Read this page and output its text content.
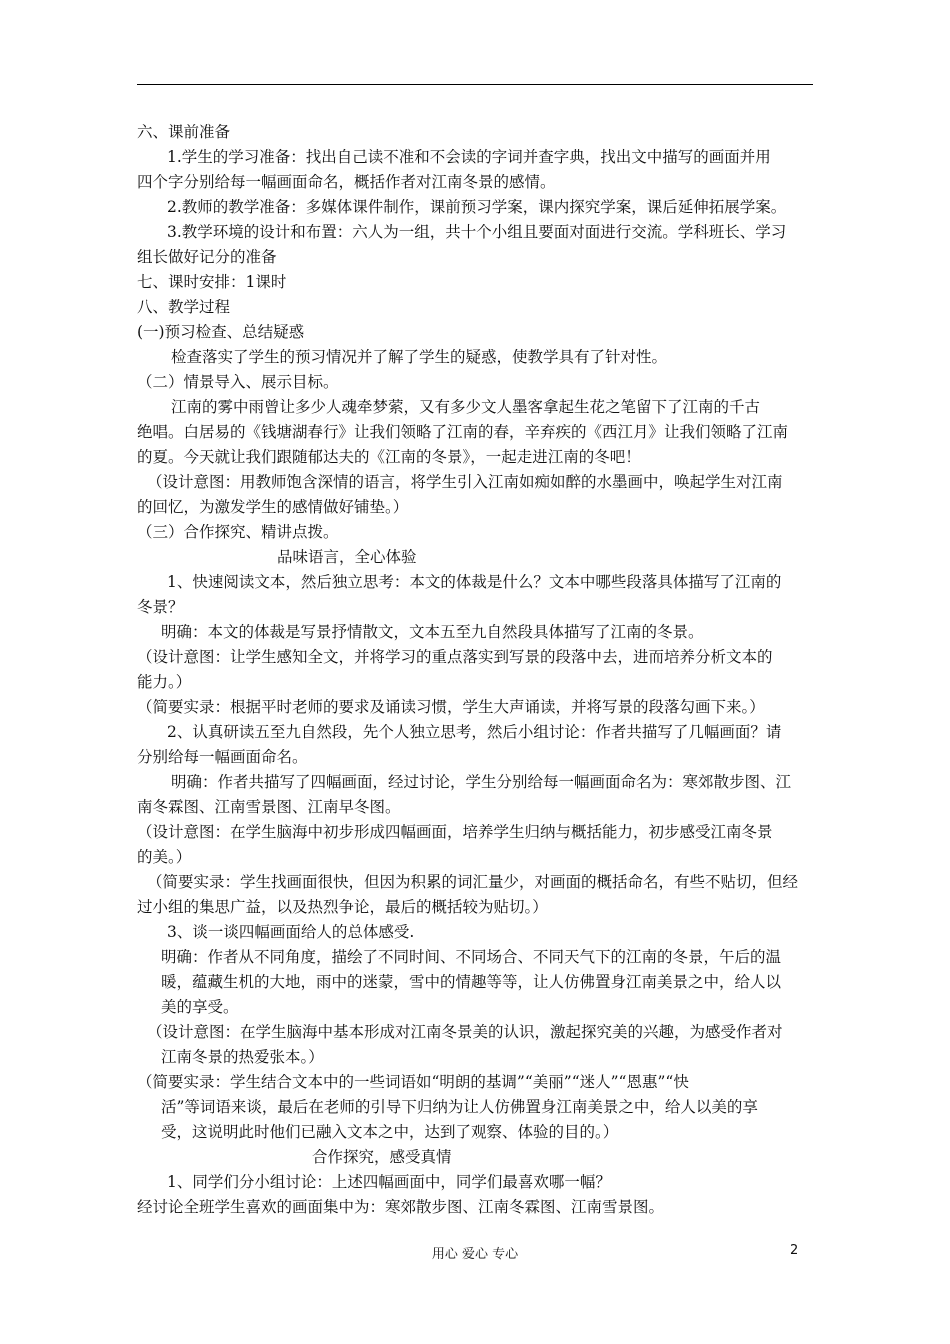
六、课前准备
1.学生的学习准备：找出自己读不准和不会读的字词并查字典，找出文中描写的画面并用
四个字分别给每一幅画面命名，概括作者对江南冬景的感情。
2.教师的教学准备：多媒体课件制作，课前预习学案，课内探究学案，课后延伸拓展学案。
3.教学环境的设计和布置：六人为一组，共十个小组且要面对面进行交流。学科班长、学习
组长做好记分的准备
七、课时安排：1课时
八、教学过程
(一)预习检查、总结疑惑
检查落实了学生的预习情况并了解了学生的疑惑，使教学具有了针对性。
（二）情景导入、展示目标。
江南的雾中雨曾让多少人魂牵梦萦，又有多少文人墨客拿起生花之笔留下了江南的千古
绝唱。白居易的《钱塘湖春行》让我们领略了江南的春，辛弃疾的《西江月》让我们领略了江南
的夏。今天就让我们跟随郁达夫的《江南的冬景》，一起走进江南的冬吧！
（设计意图：用教师饱含深情的语言，将学生引入江南如痴如醉的水墨画中，唤起学生对江南
的回忆，为激发学生的感情做好铺垫。）
（三）合作探究、精讲点拨。
品味语言，全心体验
1、快速阅读文本，然后独立思考：本文的体裁是什么？文本中哪些段落具体描写了江南的
冬景？
明确：本文的体裁是写景抒情散文，文本五至九自然段具体描写了江南的冬景。
（设计意图：让学生感知全文，并将学习的重点落实到写景的段落中去，进而培养分析文本的
能力。）
（简要实录：根据平时老师的要求及诵读习惯，学生大声诵读，并将写景的段落勾画下来。）
2、认真研读五至九自然段，先个人独立思考，然后小组讨论：作者共描写了几幅画面？请
分别给每一幅画面命名。
明确：作者共描写了四幅画面，经过讨论，学生分别给每一幅画面命名为：寒郊散步图、江
南冬霖图、江南雪景图、江南早冬图。
（设计意图：在学生脑海中初步形成四幅画面，培养学生归纳与概括能力，初步感受江南冬景
的美。）
（简要实录：学生找画面很快，但因为积累的词汇量少，对画面的概括命名，有些不贴切，但经
过小组的集思广益，以及热烈争论，最后的概括较为贴切。）
3、谈一谈四幅画面给人的总体感受.
明确：作者从不同角度，描绘了不同时间、不同场合、不同天气下的江南的冬景，午后的温
暖，蕴藏生机的大地，雨中的迷蒙，雪中的情趣等等，让人仿佛置身江南美景之中，给人以
美的享受。
（设计意图：在学生脑海中基本形成对江南冬景美的认识，激起探究美的兴趣，为感受作者对
江南冬景的热爱张本。）
（简要实录：学生结合文本中的一些词语如“明朗的基调”“美丽”“迷人”“恩惠”“快
活”等词语来谈，最后在老师的引导下归纳为让人仿佛置身江南美景之中，给人以美的享
受，这说明此时他们已融入文本之中，达到了观察、体验的目的。）
合作探究，感受真情
1、同学们分小组讨论：上述四幅画面中，同学们最喜欢哪一幅？
经讨论全班学生喜欢的画面集中为：寒郊散步图、江南冬霖图、江南雪景图。
用心 爱心 专心	2
